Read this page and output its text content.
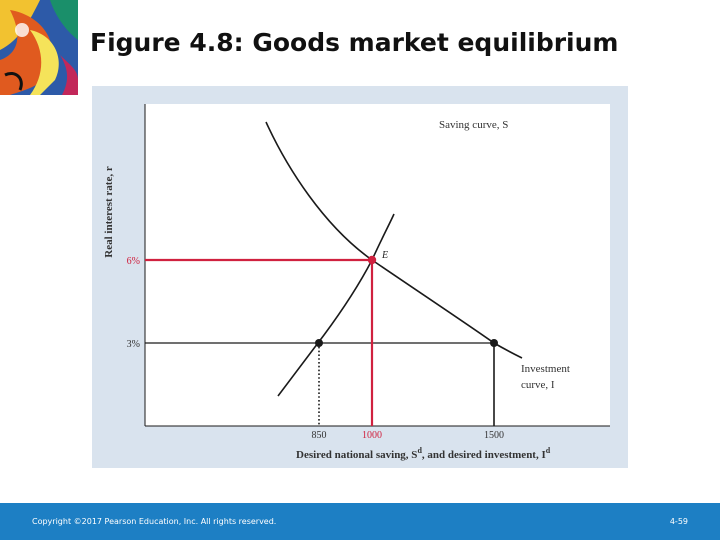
Figure 4.8: Goods market equilibrium
Saving curve, S
Investment
curve, I
E
6%
3%
850	1000	1500
Desired national saving, $S^d$, and desired investment, $I^d$
Real interest rate, r
Copyright ©2017 Pearson Education, Inc. All rights reserved.	4-59
